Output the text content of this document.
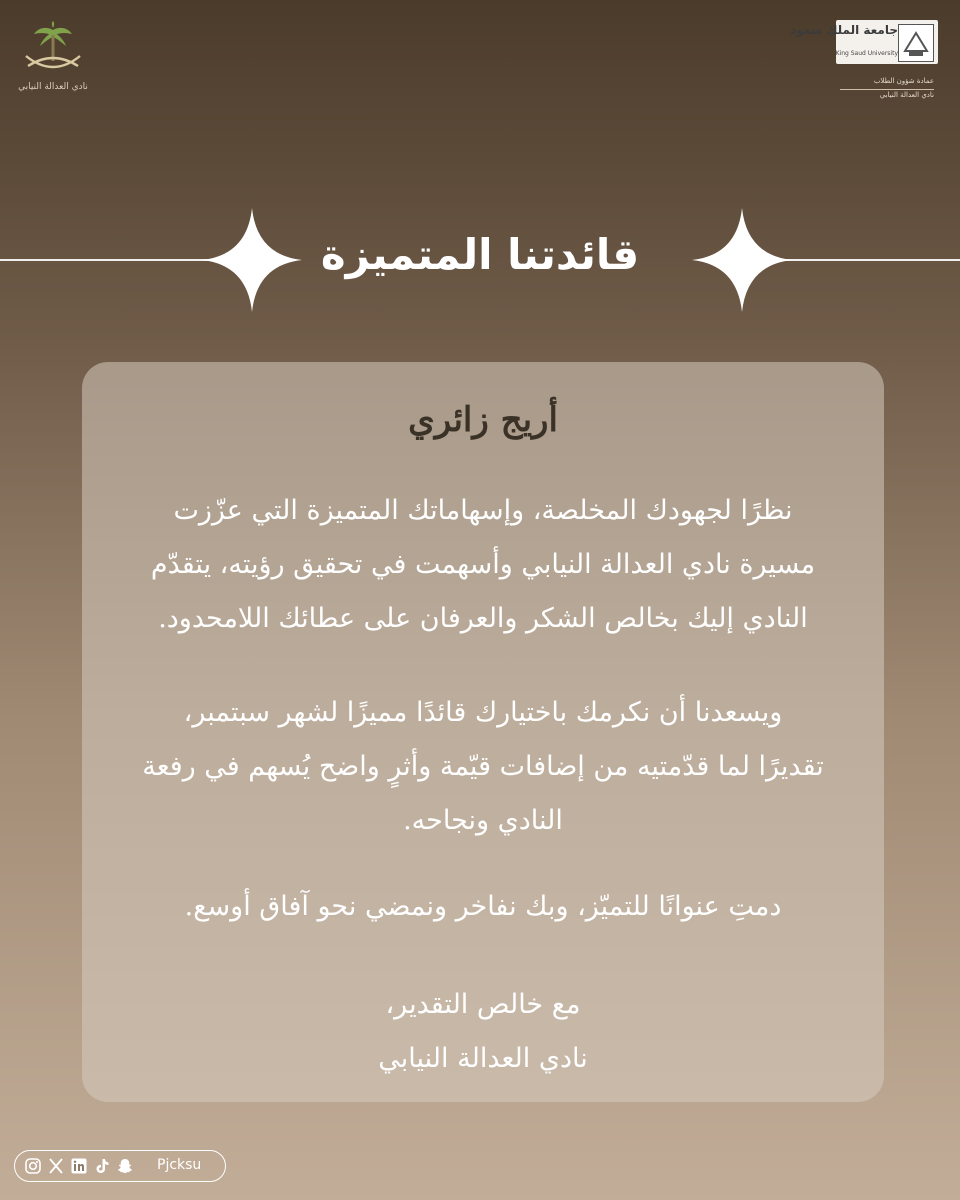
نادي العدالة النيابي
جامعة الملك سعود
King Saud University
عمادة شؤون الطلاب
نادي العدالة النيابي
قائدتنا المتميزة
أريج زائري
نظرًا لجهودك المخلصة، وإسهاماتك المتميزة التي عزّزت
مسيرة نادي العدالة النيابي وأسهمت في تحقيق رؤيته، يتقدّم
النادي إليك بخالص الشكر والعرفان على عطائك اللامحدود.
ويسعدنا أن نكرمك باختيارك قائدًا مميزًا لشهر سبتمبر،
تقديرًا لما قدّمتيه من إضافات قيّمة وأثرٍ واضح يُسهم في رفعة
النادي ونجاحه.
دمتِ عنوانًا للتميّز، وبك نفاخر ونمضي نحو آفاق أوسع.
مع خالص التقدير،
نادي العدالة النيابي
Pjcksu
